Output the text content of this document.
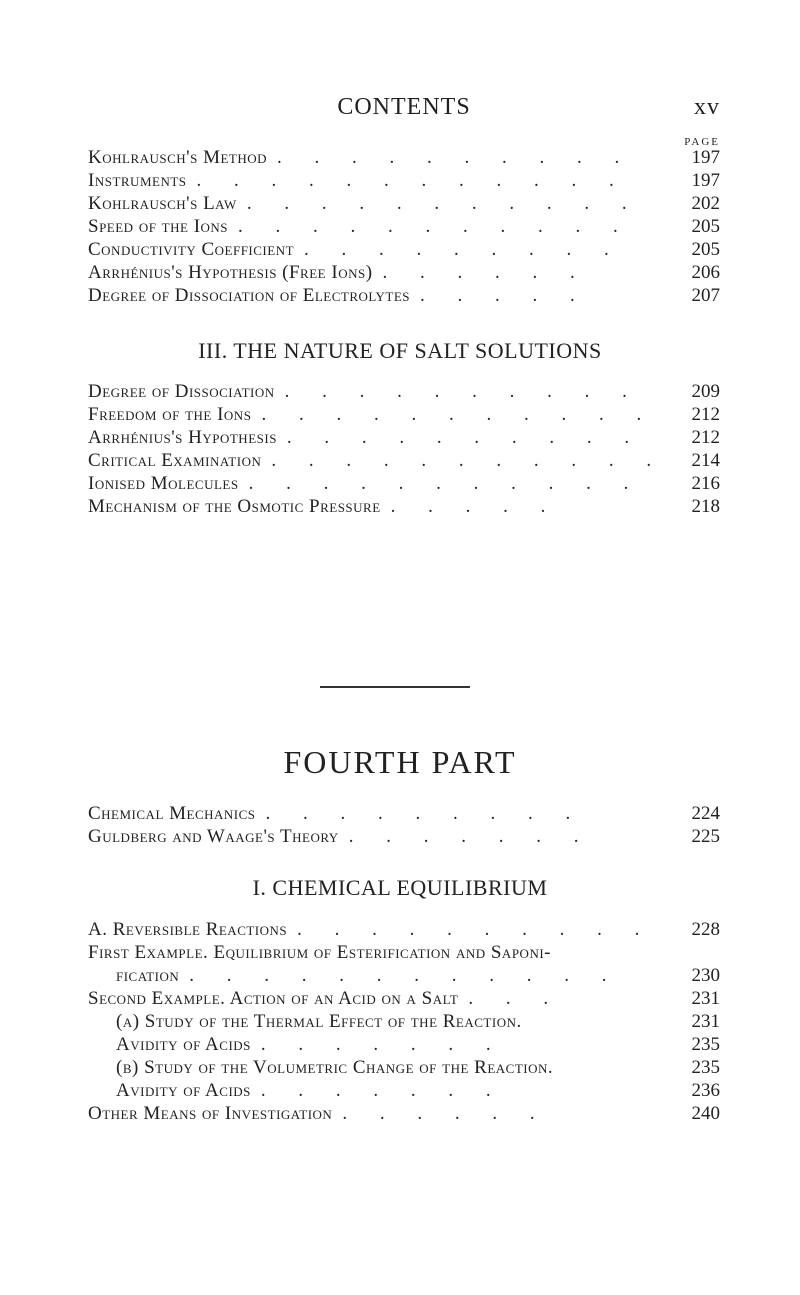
CONTENTS	xv
PAGE
Kohlrausch's Method . . . . . . . . . .	197
Instruments . . . . . . . . . . . .	197
Kohlrausch's Law . . . . . . . . . . .	202
Speed of the Ions . . . . . . . . . . .	205
Conductivity Coefficient . . . . . . . . .	205
Arrhénius's Hypothesis (Free Ions) . . . . . .	206
Degree of Dissociation of Electrolytes . . . . .	207
III. THE NATURE OF SALT SOLUTIONS
Degree of Dissociation . . . . . . . . . .	209
Freedom of the Ions . . . . . . . . . . . 212
Arrhénius's Hypothesis . . . . . . . . . .	212
Critical Examination . . . . . . . . . . . 214
Ionised Molecules . . . . . . . . . . .	216
Mechanism of the Osmotic Pressure . . . . .	218
FOURTH PART
Chemical Mechanics . . . . . . . . .	224
Guldberg and Waage's Theory . . . . . . .	225
I. CHEMICAL EQUILIBRIUM
A. Reversible Reactions . . . . . . . . . . 228
First Example. Equilibrium of Esterification and Saponi-
fication . . . . . . . . . . . .	230
Second Example. Action of an Acid on a Salt . . .	231
(α) Study of the Thermal Effect of the Reaction.	231
Avidity of Acids . . . . . . .	235
(β) Study of the Volumetric Change of the Reaction.	235
Avidity of Acids . . . . . . .	236
Other Means of Investigation . . . . . .	240
